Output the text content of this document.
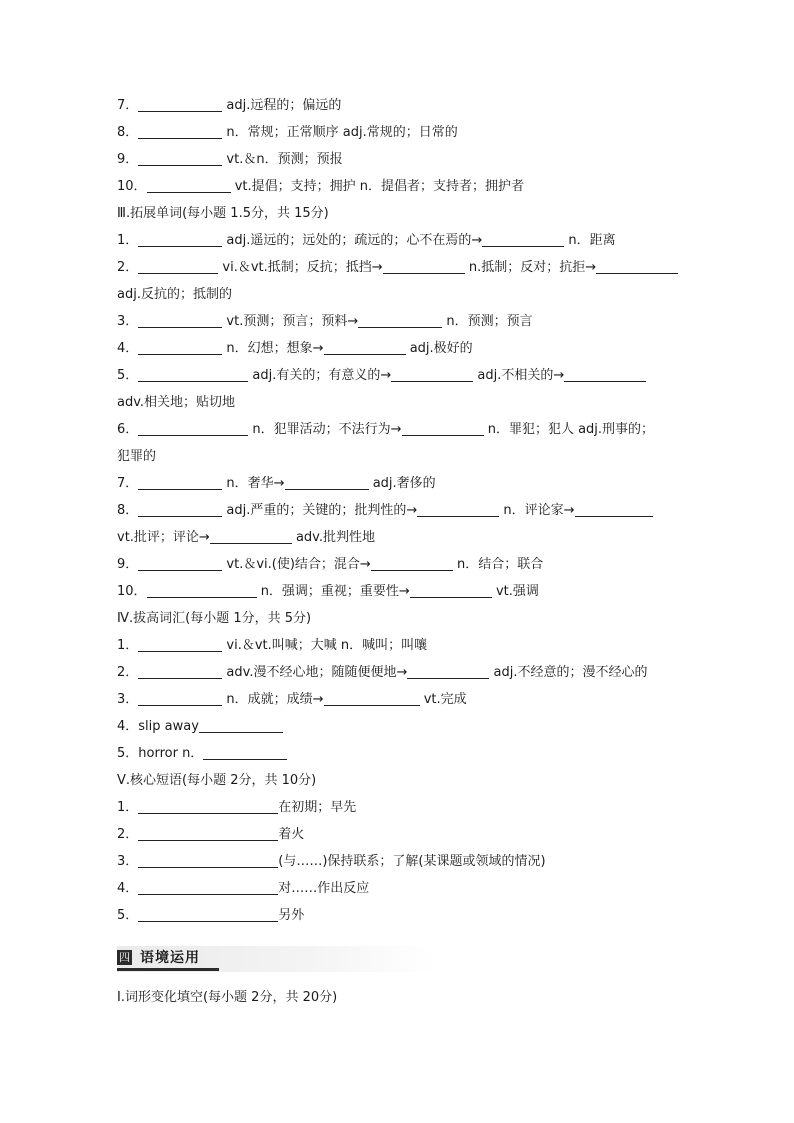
7．	adj.远程的；偏远的
8．	n．常规；正常顺序 adj.常规的；日常的
9．	vt.＆n．预测；预报
10．	vt.提倡；支持；拥护 n．提倡者；支持者；拥护者
Ⅲ.拓展单词(每小题 1.5分，共 15分)
1．	adj.遥远的；远处的；疏远的；心不在焉的→	n．距离
2．	vi.＆vt.抵制；反抗；抵挡→	n.抵制；反对；抗拒→
adj.反抗的；抵制的
3．	vt.预测；预言；预料→	n．预测；预言
4．	n．幻想；想象→	adj.极好的
5．	adj.有关的；有意义的→	adj.不相关的→
adv.相关地；贴切地
6．	n．犯罪活动；不法行为→	n．罪犯；犯人 adj.刑事的；
犯罪的
7．	n．奢华→	adj.奢侈的
8．	adj.严重的；关键的；批判性的→	n．评论家→
vt.批评；评论→	adv.批判性地
9．	vt.＆vi.(使)结合；混合→	n．结合；联合
10．	n．强调；重视；重要性→	vt.强调
Ⅳ.拔高词汇(每小题 1分，共 5分)
1．	vi.＆vt.叫喊；大喊 n．喊叫；叫嚷
2．	adv.漫不经心地；随随便便地→	adj.不经意的；漫不经心的
3．	n．成就；成绩→	vt.完成
4．slip away
5．horror n．
Ⅴ.核心短语(每小题 2分，共 10分)
1．	在初期；早先
2．	着火
3．	(与……)保持联系；了解(某课题或领域的情况)
4．	对……作出反应
5．	另外
四 语境运用
Ⅰ.词形变化填空(每小题 2分，共 20分)
